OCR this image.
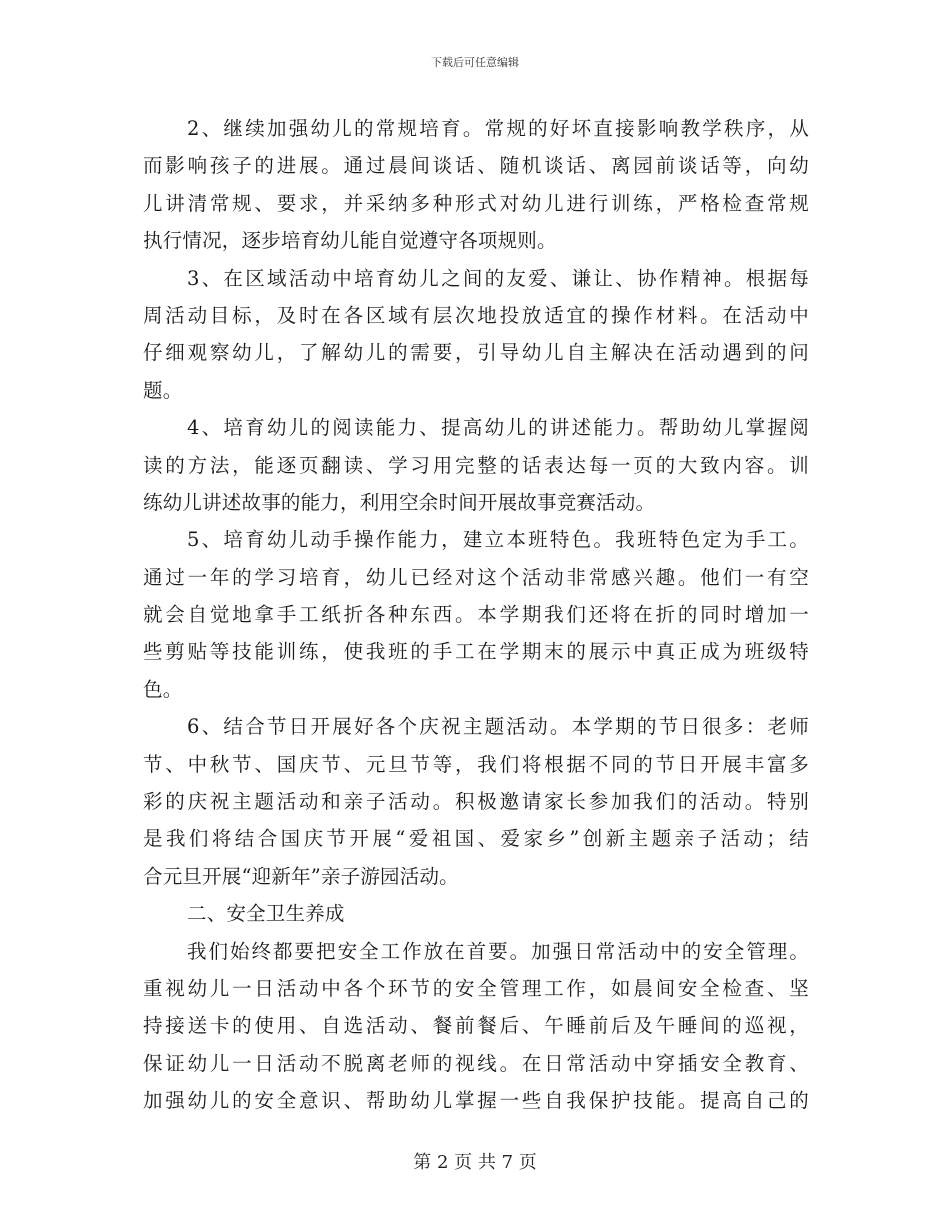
下载后可任意编辑
2、继续加强幼儿的常规培育。常规的好坏直接影响教学秩序，从
而影响孩子的进展。通过晨间谈话、随机谈话、离园前谈话等，向幼
儿讲清常规、要求，并采纳多种形式对幼儿进行训练，严格检查常规
执行情况，逐步培育幼儿能自觉遵守各项规则。
3、在区域活动中培育幼儿之间的友爱、谦让、协作精神。根据每
周活动目标，及时在各区域有层次地投放适宜的操作材料。在活动中
仔细观察幼儿，了解幼儿的需要，引导幼儿自主解决在活动遇到的问
题。
4、培育幼儿的阅读能力、提高幼儿的讲述能力。帮助幼儿掌握阅
读的方法，能逐页翻读、学习用完整的话表达每一页的大致内容。训
练幼儿讲述故事的能力，利用空余时间开展故事竞赛活动。
5、培育幼儿动手操作能力，建立本班特色。我班特色定为手工。
通过一年的学习培育，幼儿已经对这个活动非常感兴趣。他们一有空
就会自觉地拿手工纸折各种东西。本学期我们还将在折的同时增加一
些剪贴等技能训练，使我班的手工在学期末的展示中真正成为班级特
色。
6、结合节日开展好各个庆祝主题活动。本学期的节日很多：老师
节、中秋节、国庆节、元旦节等，我们将根据不同的节日开展丰富多
彩的庆祝主题活动和亲子活动。积极邀请家长参加我们的活动。特别
是我们将结合国庆节开展“爱祖国、爱家乡”创新主题亲子活动；结
合元旦开展“迎新年”亲子游园活动。
二、安全卫生养成
我们始终都要把安全工作放在首要。加强日常活动中的安全管理。
重视幼儿一日活动中各个环节的安全管理工作，如晨间安全检查、坚
持接送卡的使用、自选活动、餐前餐后、午睡前后及午睡间的巡视，
保证幼儿一日活动不脱离老师的视线。在日常活动中穿插安全教育、
加强幼儿的安全意识、帮助幼儿掌握一些自我保护技能。提高自己的
第 2 页 共 7 页
